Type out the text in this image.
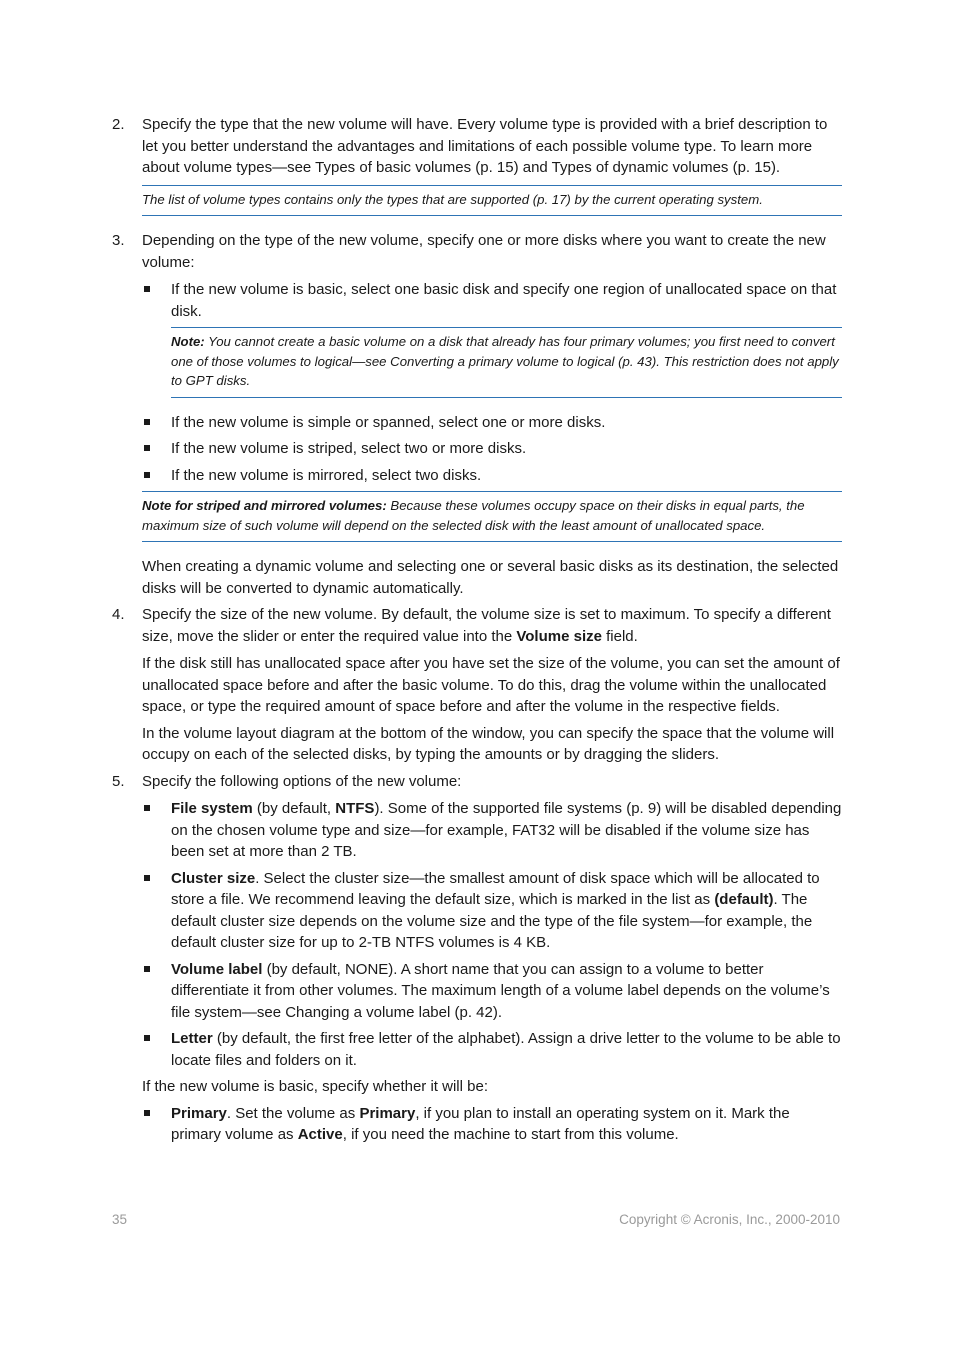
2. Specify the type that the new volume will have. Every volume type is provided with a brief description to let you better understand the advantages and limitations of each possible volume type. To learn more about volume types—see Types of basic volumes (p. 15) and Types of dynamic volumes (p. 15).

The list of volume types contains only the types that are supported (p. 17) by the current operating system.
3. Depending on the type of the new volume, specify one or more disks where you want to create the new volume:

If the new volume is basic, select one basic disk and specify one region of unallocated space on that disk.
Note: You cannot create a basic volume on a disk that already has four primary volumes; you first need to convert one of those volumes to logical—see Converting a primary volume to logical (p. 43). This restriction does not apply to GPT disks.
If the new volume is simple or spanned, select one or more disks.
If the new volume is striped, select two or more disks.
If the new volume is mirrored, select two disks.
Note for striped and mirrored volumes: Because these volumes occupy space on their disks in equal parts, the maximum size of such volume will depend on the selected disk with the least amount of unallocated space.
When creating a dynamic volume and selecting one or several basic disks as its destination, the selected disks will be converted to dynamic automatically.
4. Specify the size of the new volume. By default, the volume size is set to maximum. To specify a different size, move the slider or enter the required value into the Volume size field.

If the disk still has unallocated space after you have set the size of the volume, you can set the amount of unallocated space before and after the basic volume. To do this, drag the volume within the unallocated space, or type the required amount of space before and after the volume in the respective fields.
In the volume layout diagram at the bottom of the window, you can specify the space that the volume will occupy on each of the selected disks, by typing the amounts or by dragging the sliders.
5. Specify the following options of the new volume:

File system (by default, NTFS). Some of the supported file systems (p. 9) will be disabled depending on the chosen volume type and size—for example, FAT32 will be disabled if the volume size has been set at more than 2 TB.
Cluster size. Select the cluster size—the smallest amount of disk space which will be allocated to store a file. We recommend leaving the default size, which is marked in the list as (default). The default cluster size depends on the volume size and the type of the file system—for example, the default cluster size for up to 2-TB NTFS volumes is 4 KB.
Volume label (by default, NONE). A short name that you can assign to a volume to better differentiate it from other volumes. The maximum length of a volume label depends on the volume’s file system—see Changing a volume label (p. 42).
Letter (by default, the first free letter of the alphabet). Assign a drive letter to the volume to be able to locate files and folders on it.
If the new volume is basic, specify whether it will be:
Primary. Set the volume as Primary, if you plan to install an operating system on it. Mark the primary volume as Active, if you need the machine to start from this volume.
35	Copyright © Acronis, Inc., 2000-2010
